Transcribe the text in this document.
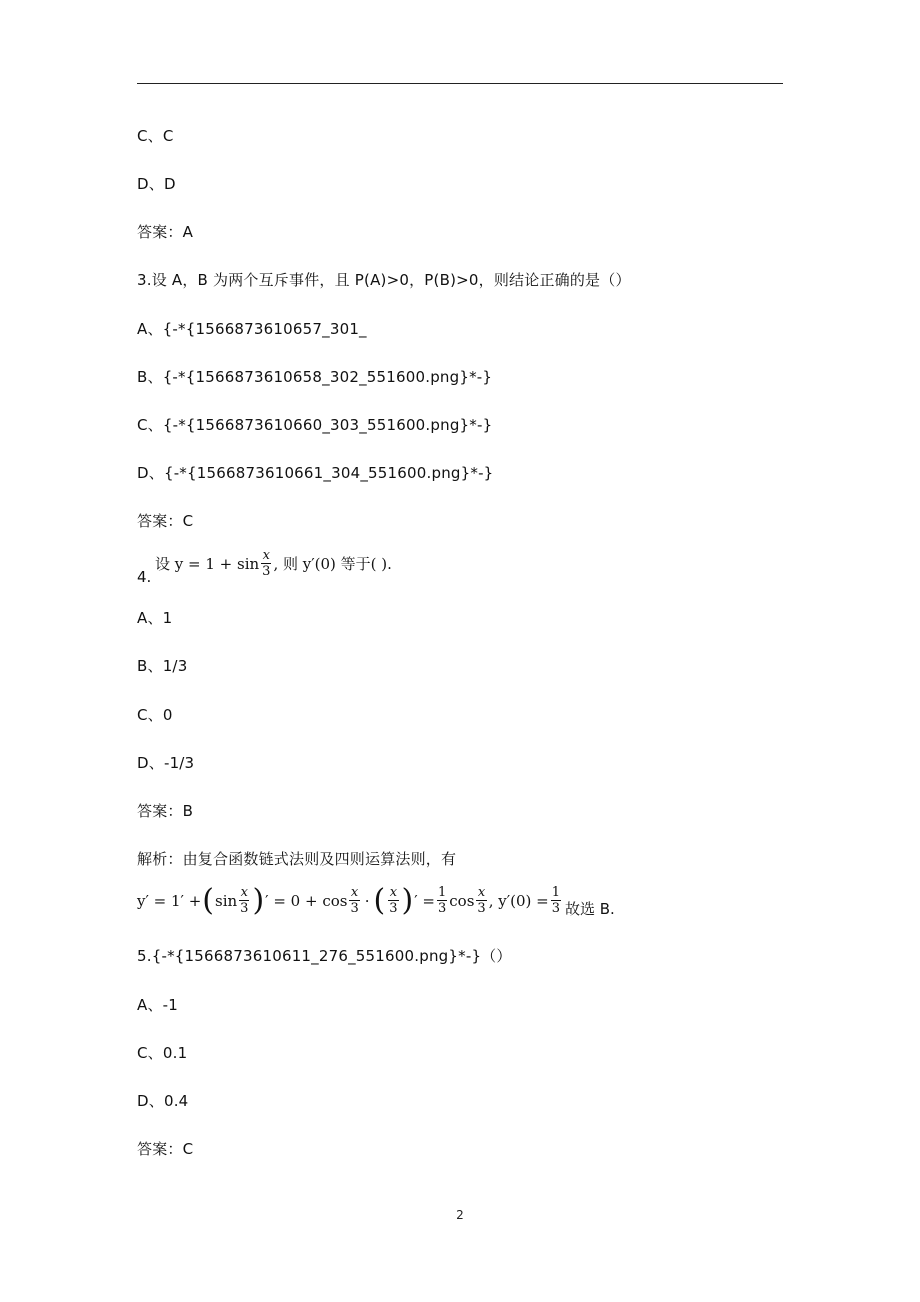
C、C
D、D
答案：A
3.设 A，B 为两个互斥事件，且 P(A)>0，P(B)>0，则结论正确的是（）
A、{-*{1566873610657_301_
B、{-*{1566873610658_302_551600.png}*-}
C、{-*{1566873610660_303_551600.png}*-}
D、{-*{1566873610661_304_551600.png}*-}
答案：C
4.
设 $y = 1 + \sin \frac{x}{3}$ , 则 y′(0) 等于( ).
A、1
B、1/3
C、0
D、-1/3
答案：B
解析：由复合函数链式法则及四则运算法则，有
y′ = 1′ + ( $\sin \frac{x}{3}$ ) ′ = $0 + \cos \frac{x}{3}$ · ( $\frac{x}{3}$ ) ′ = $\frac{1}{3}$ $\cos \frac{x}{3}$ , $y'(0) = \frac{1}{3}$ 故选 B.
5.{-*{1566873610611_276_551600.png}*-}（）
A、-1
C、0.1
D、0.4
答案：C
2
